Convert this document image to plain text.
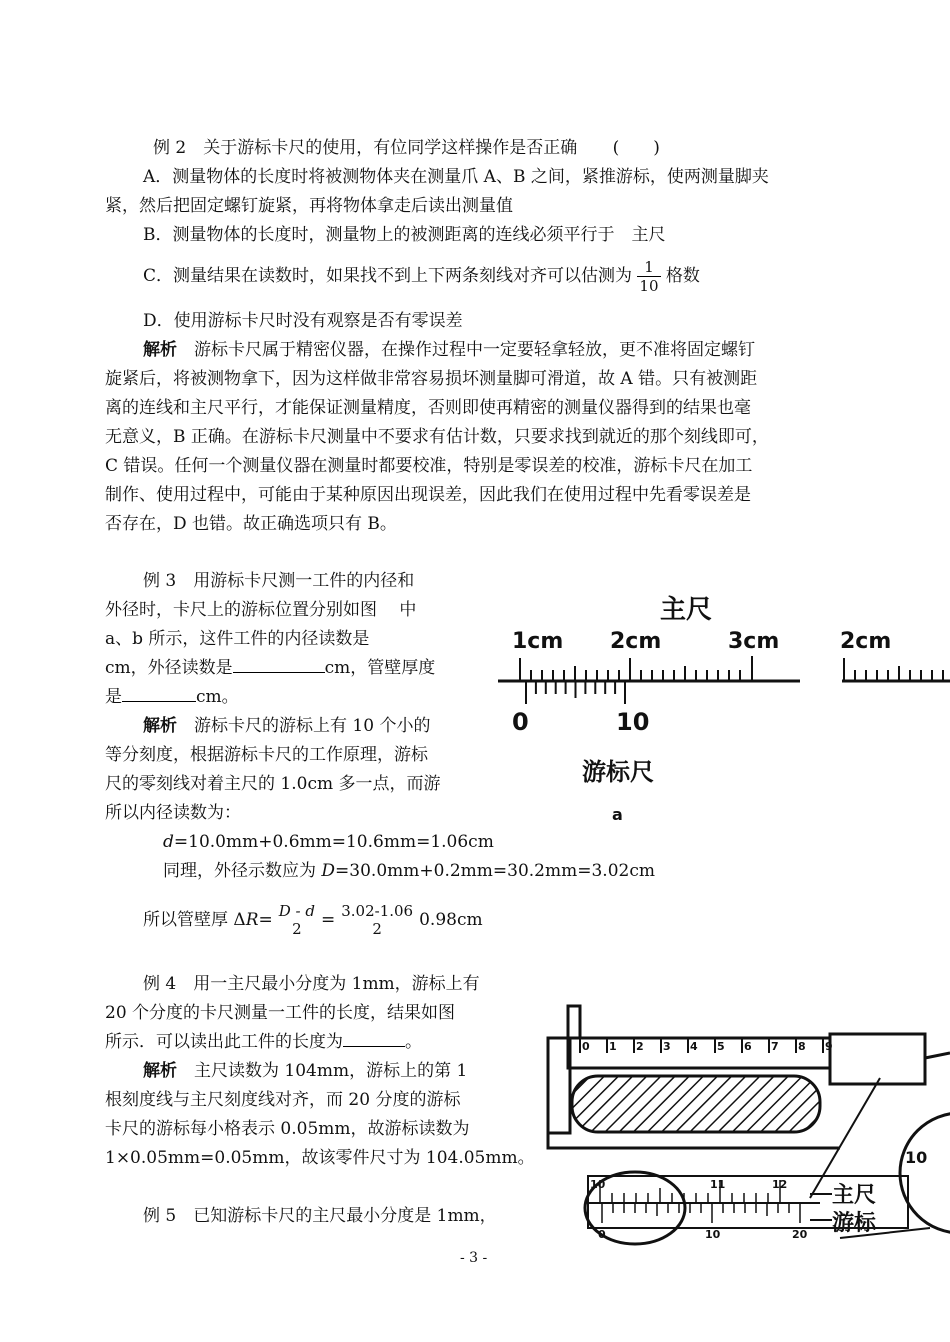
例 2　关于游标卡尺的使用，有位同学这样操作是否正确 (　　)
A．测量物体的长度时将被测物体夹在测量爪 A、B 之间，紧推游标，使两测量脚夹
紧，然后把固定螺钉旋紧，再将物体拿走后读出测量值
B．测量物体的长度时，测量物上的被测距离的连线必须平行于　主尺
C．测量结果在读数时，如果找不到上下两条刻线对齐可以估测为 $\frac{1}{10}$ 格数
D．使用游标卡尺时没有观察是否有零误差
解析　游标卡尺属于精密仪器，在操作过程中一定要轻拿轻放，更不准将固定螺钉
旋紧后，将被测物拿下，因为这样做非常容易损坏测量脚可滑道，故 A 错。只有被测距
离的连线和主尺平行，才能保证测量精度，否则即使再精密的测量仪器得到的结果也毫
无意义，B 正确。在游标卡尺测量中不要求有估计数，只要求找到就近的那个刻线即可，
C 错误。任何一个测量仪器在测量时都要校准，特别是零误差的校准，游标卡尺在加工
制作、使用过程中，可能由于某种原因出现误差，因此我们在使用过程中先看零误差是
否存在，D 也错。故正确选项只有 B。
例 3　用游标卡尺测一工件的内径和
外径时，卡尺上的游标位置分别如图　 中
a、b 所示，这件工件的内径读数是
cm，外径读数是	cm，管壁厚度
是	cm。
解析　游标卡尺的游标上有 10 个小的
等分刻度，根据游标卡尺的工作原理，游标
尺的零刻线对着主尺的 1.0cm 多一点，而游
所以内径读数为：
d=10.0mm+0.6mm=10.6mm=1.06cm
同理，外径示数应为 D=30.0mm+0.2mm=30.2mm=3.02cm
所以管壁厚 Δ R = D - d
2	= 3.02-1.06
2	0.98cm
主尺
1cm 2cm	3cm	2cm
0	10
游标尺
a
例 4　用一主尺最小分度为 1mm，游标上有
20 个分度的卡尺测量一工件的长度，结果如图
所示．可以读出此工件的长度为	。
解析　主尺读数为 104mm，游标上的第 1
根刻度线与主尺刻度线对齐，而 20 分度的游标
卡尺的游标每小格表示 0.05mm，故游标读数为
1×0.05mm=0.05mm，故该零件尺寸为 104.05mm。
例 5　已知游标卡尺的主尺最小分度是 1mm，
0 1 2 3 4 5 6 7 8 9
10
10	11	12
0	10	20
主尺
游标
- 3 -
